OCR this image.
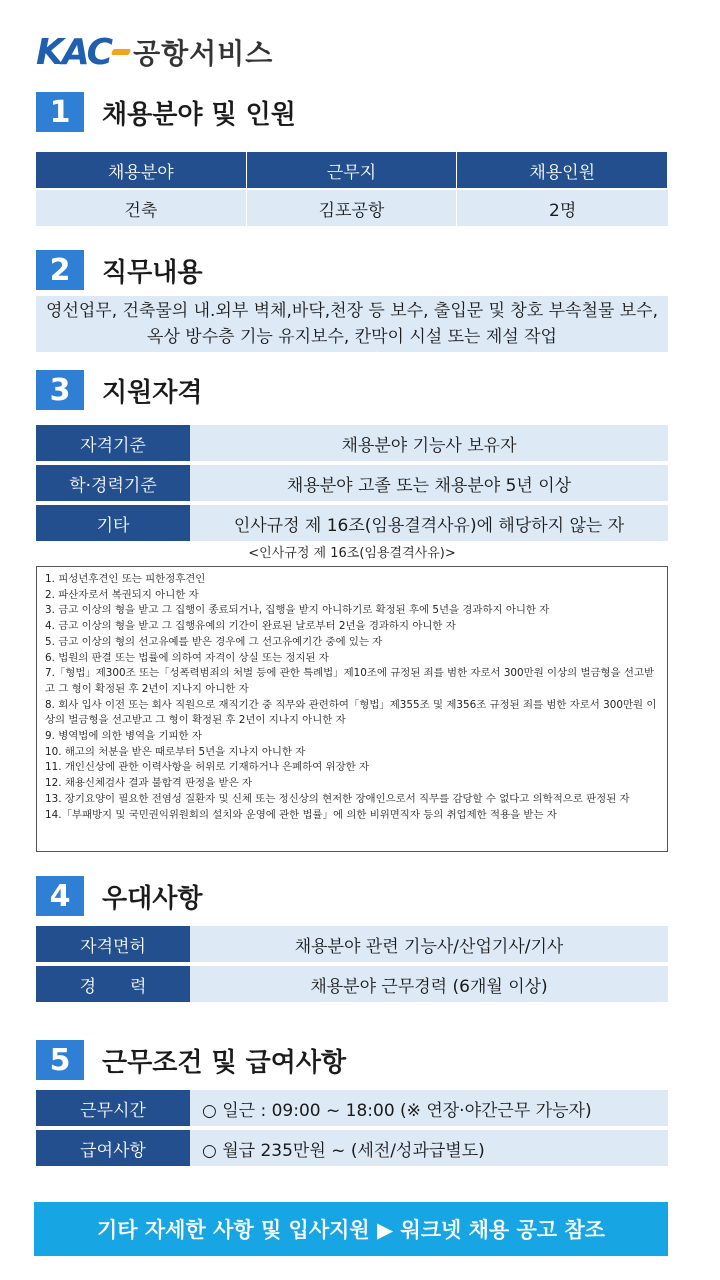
KAC 공항서비스
1	채용분야 및 인원
채용분야	근무지	채용인원
건축	김포공항	2명
2	직무내용
영선업무, 건축물의 내.외부 벽체,바닥,천장 등 보수, 출입문 및 창호 부속철물 보수, 옥상 방수층 기능 유지보수, 칸막이 시설 또는 제설 작업
3	지원자격
자격기준	채용분야 기능사 보유자
학·경력기준	채용분야 고졸 또는 채용분야 5년 이상
기타	인사규정 제 16조(임용결격사유)에 해당하지 않는 자
<인사규정 제 16조(임용결격사유)>
1. 피성년후견인 또는 피한정후견인
2. 파산자로서 복권되지 아니한 자
3. 금고 이상의 형을 받고 그 집행이 종료되거나, 집행을 받지 아니하기로 확정된 후에 5년을 경과하지 아니한 자
4. 금고 이상의 형을 받고 그 집행유예의 기간이 완료된 날로부터 2년을 경과하지 아니한 자
5. 금고 이상의 형의 선고유예를 받은 경우에 그 선고유예기간 중에 있는 자
6. 법원의 판결 또는 법률에 의하여 자격이 상실 또는 정지된 자
7.「형법」제300조 또는「성폭력범죄의 처벌 등에 관한 특례법」제10조에 규정된 죄를 범한 자로서 300만원 이상의 벌금형을 선고받고 그 형이 확정된 후 2년이 지나지 아니한 자
8. 회사 입사 이전 또는 회사 직원으로 재직기간 중 직무와 관련하여「형법」제355조 및 제356조 규정된 죄를 범한 자로서 300만원 이상의 벌금형을 선고받고 그 형이 확정된 후 2년이 지나지 아니한 자
9. 병역법에 의한 병역을 기피한 자
10. 해고의 처분을 받은 때로부터 5년을 지나지 아니한 자
11. 개인신상에 관한 이력사항을 허위로 기재하거나 은폐하여 위장한 자
12. 채용신체검사 결과 불합격 판정을 받은 자
13. 장기요양이 필요한 전염성 질환자 및 신체 또는 정신상의 현저한 장애인으로서 직무를 감당할 수 없다고 의학적으로 판정된 자
14.「부패방지 및 국민권익위원회의 설치와 운영에 관한 법률」에 의한 비위면직자 등의 취업제한 적용을 받는 자
4	우대사항
자격면허	채용분야 관련 기능사/산업기사/기사
경　　력	채용분야 근무경력 (6개월 이상)
5	근무조건 및 급여사항
근무시간	○ 일근 : 09:00 ~ 18:00 (※ 연장·야간근무 가능자)
급여사항	○ 월급 235만원 ~ (세전/성과급별도)
기타 자세한 사항 및 입사지원 ▶ 워크넷 채용 공고 참조
